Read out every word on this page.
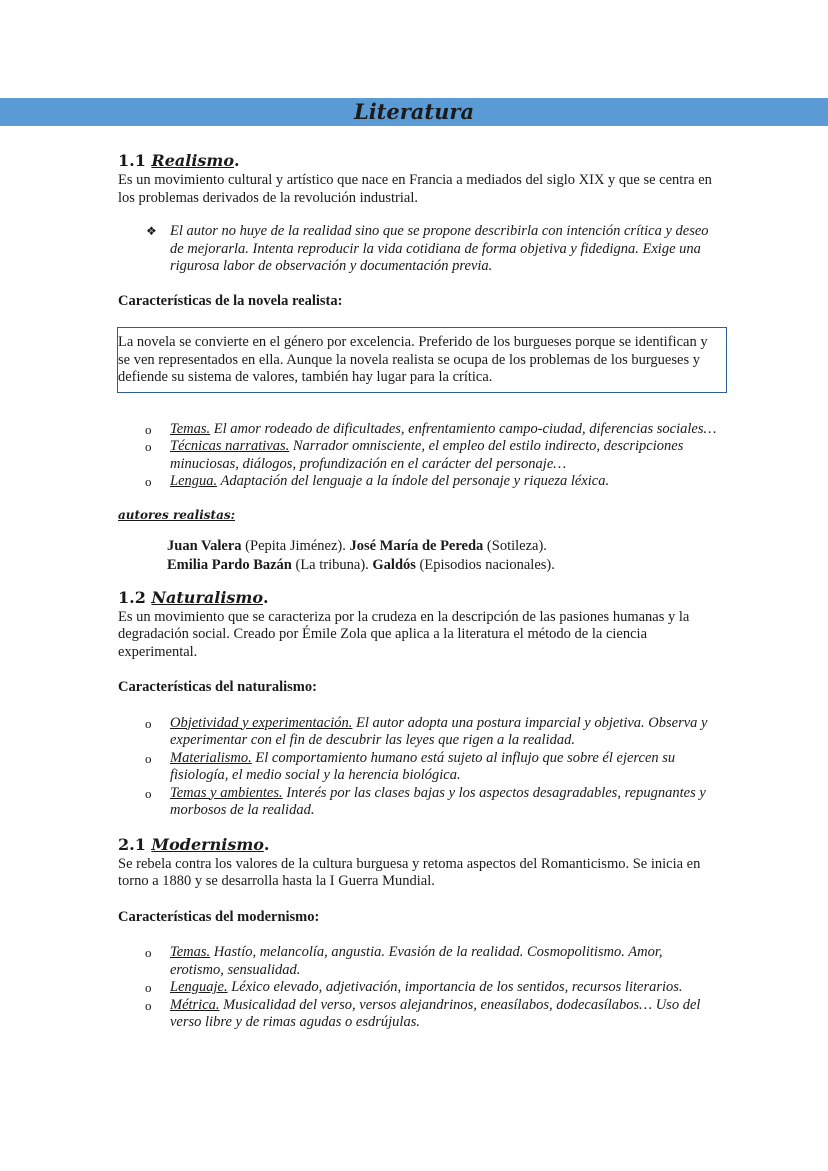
Literatura
1.1 Realismo.

Es un movimiento cultural y artístico que nace en Francia a mediados del siglo XIX y que se centra en los problemas derivados de la revolución industrial.

❖ El autor no huye de la realidad sino que se propone describirla con intención crítica y deseo de mejorarla. Intenta reproducir la vida cotidiana de forma objetiva y fidedigna. Exige una rigurosa labor de observación y documentación previa.

Características de la novela realista:

La novela se convierte en el género por excelencia. Preferido de los burgueses porque se identifican y se ven representados en ella. Aunque la novela realista se ocupa de los problemas de los burgueses y defiende su sistema de valores, también hay lugar para la crítica.

o Temas. El amor rodeado de dificultades, enfrentamiento campo-ciudad, diferencias sociales…
o Técnicas narrativas. Narrador omnisciente, el empleo del estilo indirecto, descripciones minuciosas, diálogos, profundización en el carácter del personaje…
o Lengua. Adaptación del lenguaje a la índole del personaje y riqueza léxica.

autores realistas:

Juan Valera (Pepita Jiménez). José María de Pereda (Sotileza).
Emilia Pardo Bazán (La tribuna). Galdós (Episodios nacionales).
1.2 Naturalismo.

Es un movimiento que se caracteriza por la crudeza en la descripción de las pasiones humanas y la degradación social. Creado por Émile Zola que aplica a la literatura el método de la ciencia experimental.

Características del naturalismo:

o Objetividad y experimentación. El autor adopta una postura imparcial y objetiva. Observa y experimentar con el fin de descubrir las leyes que rigen a la realidad.
o Materialismo. El comportamiento humano está sujeto al influjo que sobre él ejercen su fisiología, el medio social y la herencia biológica.
o Temas y ambientes. Interés por las clases bajas y los aspectos desagradables, repugnantes y morbosos de la realidad.
2.1 Modernismo.

Se rebela contra los valores de la cultura burguesa y retoma aspectos del Romanticismo. Se inicia en torno a 1880 y se desarrolla hasta la I Guerra Mundial.

Características del modernismo:

o Temas. Hastío, melancolía, angustia. Evasión de la realidad. Cosmopolitismo. Amor, erotismo, sensualidad.
o Lenguaje. Léxico elevado, adjetivación, importancia de los sentidos, recursos literarios.
o Métrica. Musicalidad del verso, versos alejandrinos, eneasílabos, dodecasílabos… Uso del verso libre y de rimas agudas o esdrújulas.
